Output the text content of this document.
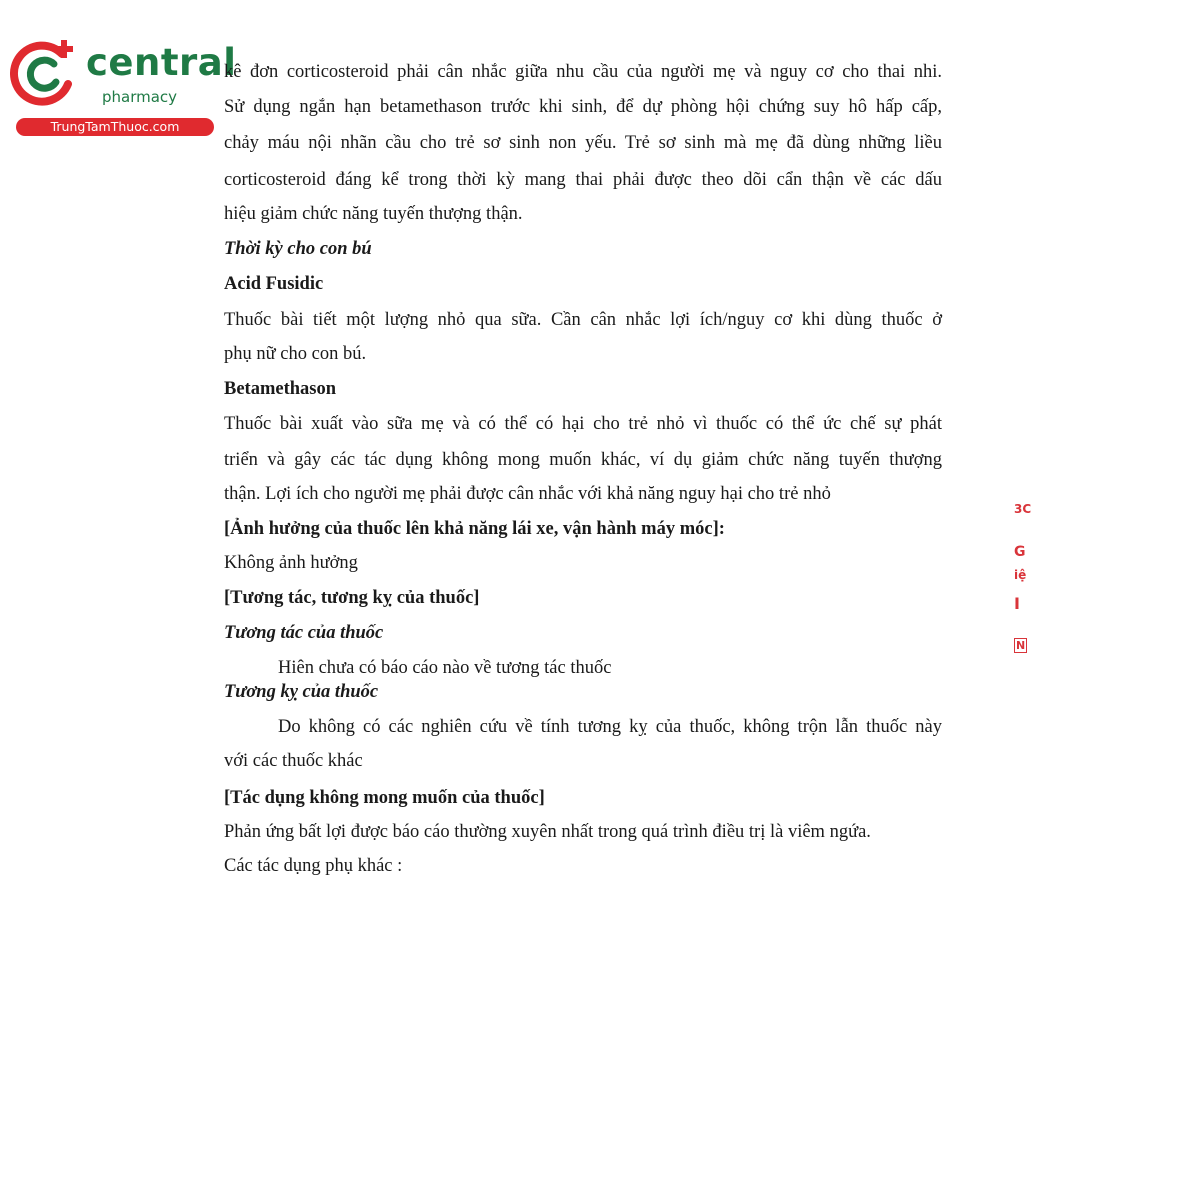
central
pharmacy
TrungTamThuoc.com
kê đơn corticosteroid phải cân nhắc giữa nhu cầu của người mẹ và nguy cơ cho thai nhi.
Sử dụng ngắn hạn betamethason trước khi sinh, để dự phòng hội chứng suy hô hấp cấp,
chảy máu nội nhãn cầu cho trẻ sơ sinh non yếu. Trẻ sơ sinh mà mẹ đã dùng những liều
corticosteroid đáng kể trong thời kỳ mang thai phải được theo dõi cẩn thận về các dấu
hiệu giảm chức năng tuyến thượng thận.
Thời kỳ cho con bú
Acid Fusidic
Thuốc bài tiết một lượng nhỏ qua sữa. Cần cân nhắc lợi ích/nguy cơ khi dùng thuốc ở
phụ nữ cho con bú.
Betamethason
Thuốc bài xuất vào sữa mẹ và có thể có hại cho trẻ nhỏ vì thuốc có thể ức chế sự phát
triển và gây các tác dụng không mong muốn khác, ví dụ giảm chức năng tuyến thượng
thận. Lợi ích cho người mẹ phải được cân nhắc với khả năng nguy hại cho trẻ nhỏ
[Ảnh hưởng của thuốc lên khả năng lái xe, vận hành máy móc]:
Không ảnh hưởng
[Tương tác, tương kỵ của thuốc]
Tương tác của thuốc
Hiên chưa có báo cáo nào về tương tác thuốc
Tương kỵ của thuốc
Do không có các nghiên cứu về tính tương kỵ của thuốc, không trộn lẫn thuốc này
với các thuốc khác
[Tác dụng không mong muốn của thuốc]
Phản ứng bất lợi được báo cáo thường xuyên nhất trong quá trình điều trị là viêm ngứa.
Các tác dụng phụ khác :
3C
G
iệ
I
N
